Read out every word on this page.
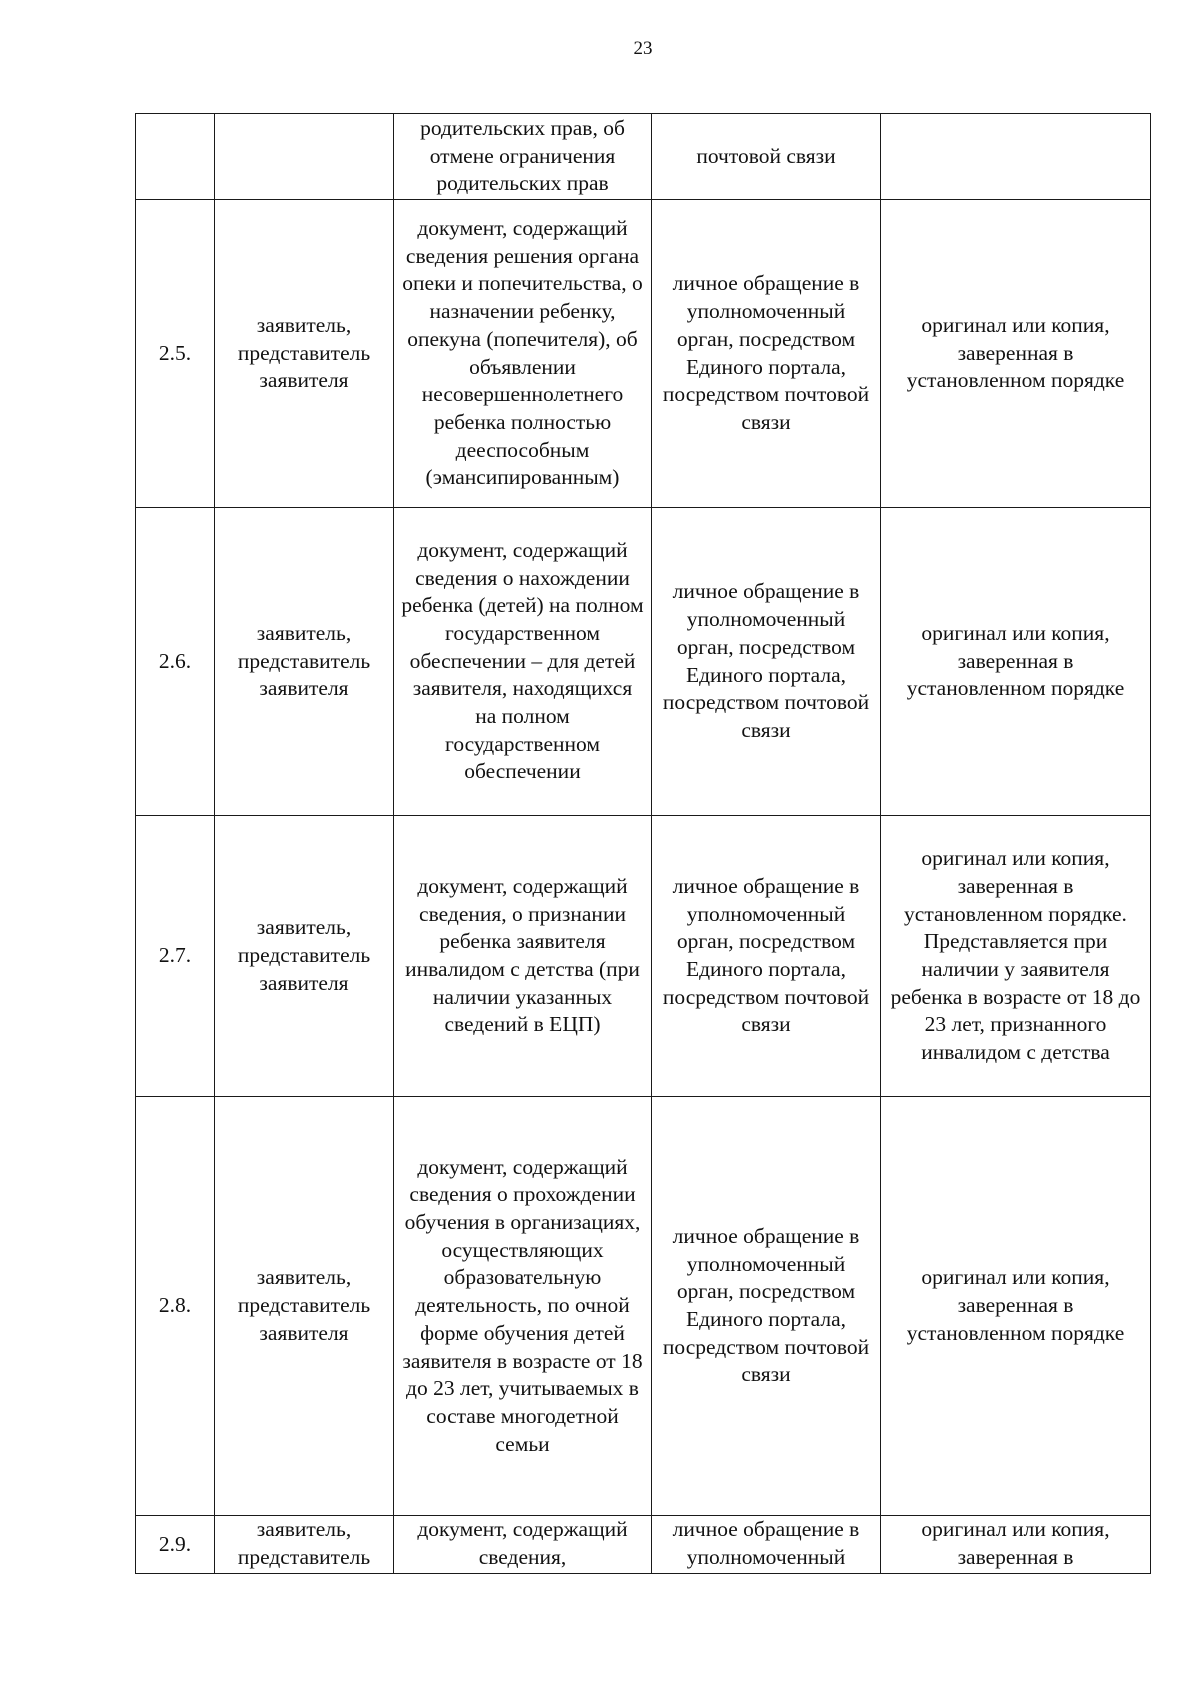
23
		родительских прав, об отмене ограничения родительских прав	почтовой связи	
2.5.	заявитель, представитель заявителя	документ, содержащий сведения решения органа опеки и попечительства, о назначении ребенку, опекуна (попечителя), об объявлении несовершеннолетнего ребенка полностью дееспособным (эмансипированным)	личное обращение в уполномоченный орган, посредством Единого портала, посредством почтовой связи	оригинал или копия, заверенная в установленном порядке
2.6.	заявитель, представитель заявителя	документ, содержащий сведения о нахождении ребенка (детей) на полном государственном обеспечении – для детей заявителя, находящихся на полном государственном обеспечении	личное обращение в уполномоченный орган, посредством Единого портала, посредством почтовой связи	оригинал или копия, заверенная в установленном порядке
2.7.	заявитель, представитель заявителя	документ, содержащий сведения, о признании ребенка заявителя инвалидом с детства (при наличии указанных сведений в ЕЦП)	личное обращение в уполномоченный орган, посредством Единого портала, посредством почтовой связи	оригинал или копия, заверенная в установленном порядке. Представляется при наличии у заявителя ребенка в возрасте от 18 до 23 лет, признанного инвалидом с детства
2.8.	заявитель, представитель заявителя	документ, содержащий сведения о прохождении обучения в организациях, осуществляющих образовательную деятельность, по очной форме обучения детей заявителя в возрасте от 18 до 23 лет, учитываемых в составе многодетной семьи	личное обращение в уполномоченный орган, посредством Единого портала, посредством почтовой связи	оригинал или копия, заверенная в установленном порядке
2.9.	заявитель, представитель	документ, содержащий сведения,	личное обращение в уполномоченный	оригинал или копия, заверенная в
